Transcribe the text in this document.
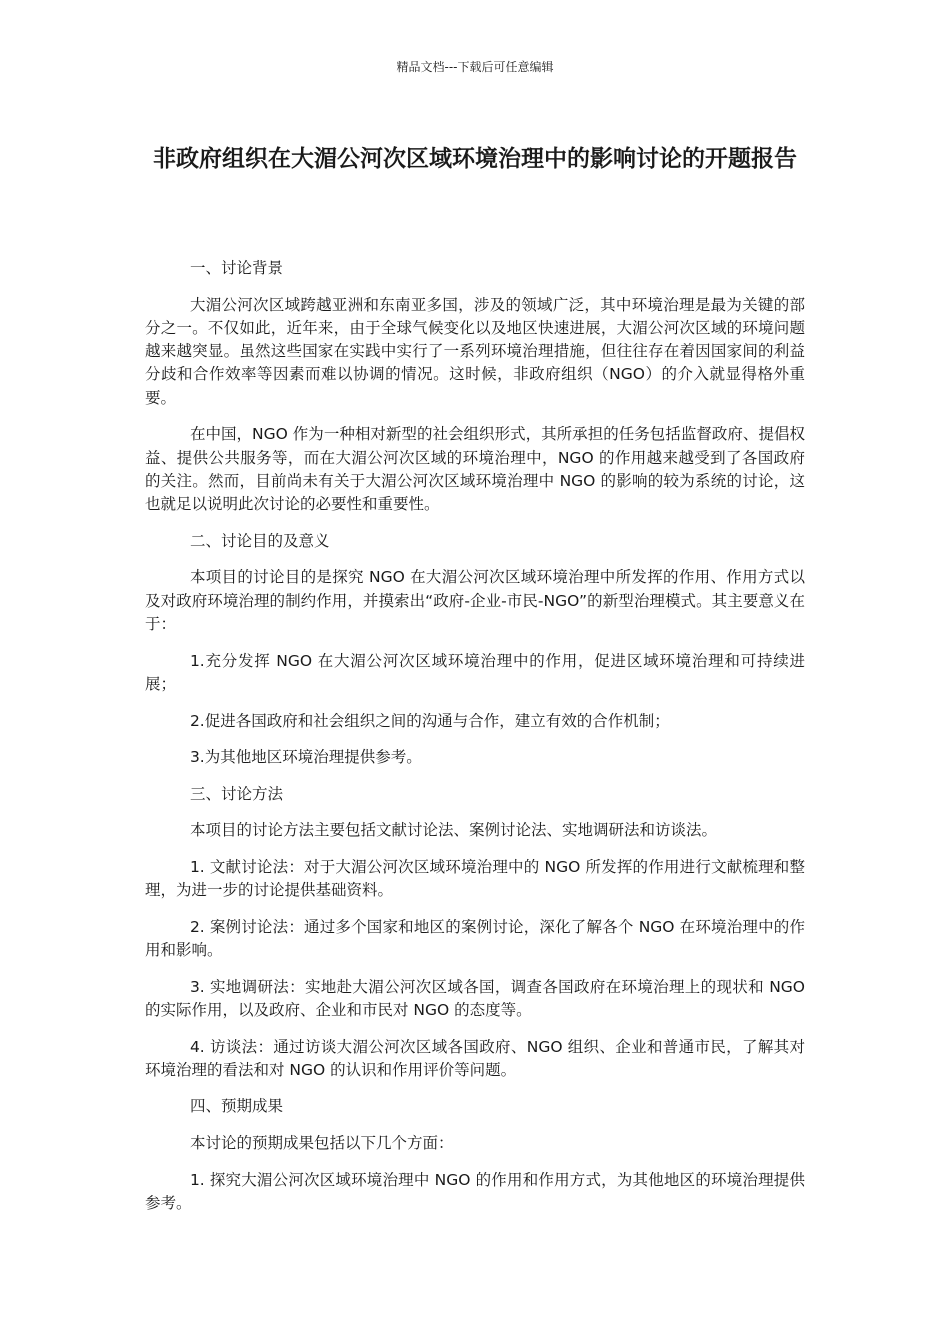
精品文档---下载后可任意编辑
非政府组织在大湄公河次区域环境治理中的影响讨论的开题报告

一、讨论背景

大湄公河次区域跨越亚洲和东南亚多国，涉及的领域广泛，其中环境治理是最为关键的部分之一。不仅如此，近年来，由于全球气候变化以及地区快速进展，大湄公河次区域的环境问题越来越突显。虽然这些国家在实践中实行了一系列环境治理措施，但往往存在着因国家间的利益分歧和合作效率等因素而难以协调的情况。这时候，非政府组织（NGO）的介入就显得格外重要。

在中国，NGO 作为一种相对新型的社会组织形式，其所承担的任务包括监督政府、提倡权益、提供公共服务等，而在大湄公河次区域的环境治理中，NGO 的作用越来越受到了各国政府的关注。然而，目前尚未有关于大湄公河次区域环境治理中 NGO 的影响的较为系统的讨论，这也就足以说明此次讨论的必要性和重要性。

二、讨论目的及意义

本项目的讨论目的是探究 NGO 在大湄公河次区域环境治理中所发挥的作用、作用方式以及对政府环境治理的制约作用，并摸索出“政府-企业-市民-NGO”的新型治理模式。其主要意义在于：

1.充分发挥 NGO 在大湄公河次区域环境治理中的作用，促进区域环境治理和可持续进展；

2.促进各国政府和社会组织之间的沟通与合作，建立有效的合作机制；

3.为其他地区环境治理提供参考。

三、讨论方法

本项目的讨论方法主要包括文献讨论法、案例讨论法、实地调研法和访谈法。

1. 文献讨论法：对于大湄公河次区域环境治理中的 NGO 所发挥的作用进行文献梳理和整理，为进一步的讨论提供基础资料。

2. 案例讨论法：通过多个国家和地区的案例讨论，深化了解各个 NGO 在环境治理中的作用和影响。

3. 实地调研法：实地赴大湄公河次区域各国，调查各国政府在环境治理上的现状和 NGO 的实际作用，以及政府、企业和市民对 NGO 的态度等。

4. 访谈法：通过访谈大湄公河次区域各国政府、NGO 组织、企业和普通市民，了解其对环境治理的看法和对 NGO 的认识和作用评价等问题。

四、预期成果

本讨论的预期成果包括以下几个方面：

1. 探究大湄公河次区域环境治理中 NGO 的作用和作用方式，为其他地区的环境治理提供参考。
